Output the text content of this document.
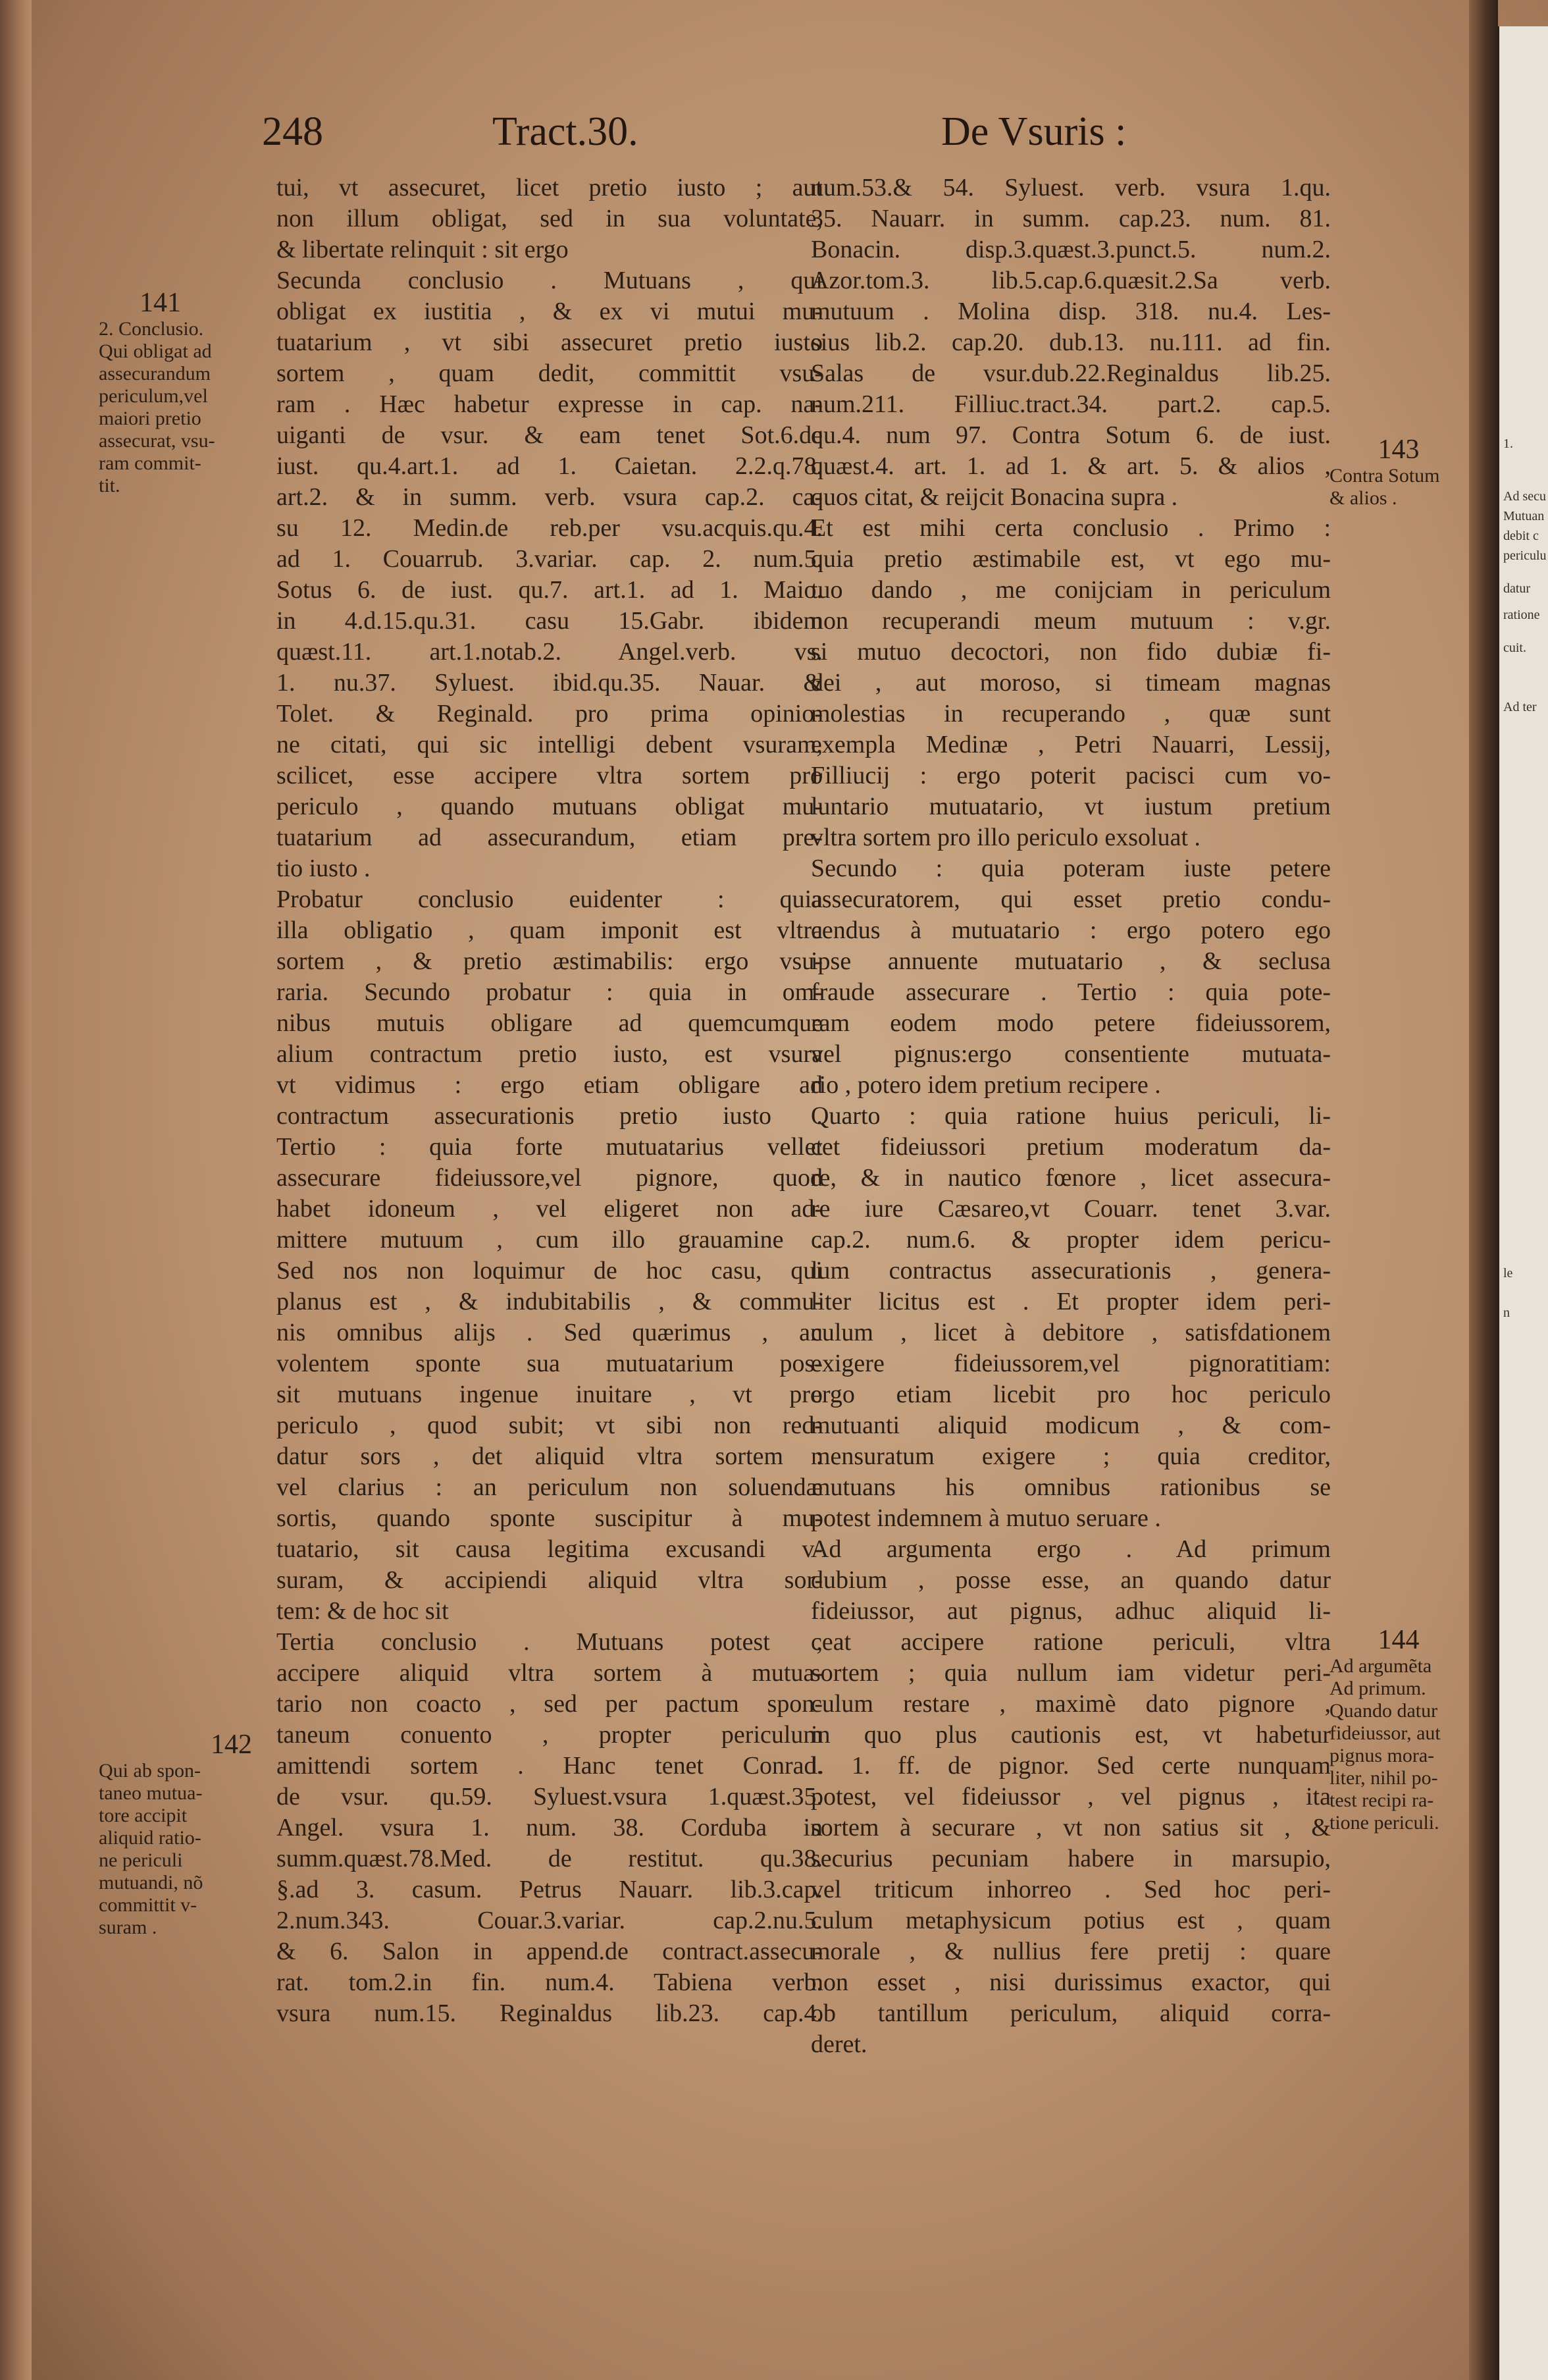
248	Tract.30.	De Vsuris :
tui, vt assecuret, licet pretio iusto ; aut
non illum obligat, sed in sua voluntate,
& libertate relinquit : sit ergo
Secunda conclusio . Mutuans , qui
obligat ex iustitia , & ex vi mutui mu-
tuatarium , vt sibi assecuret pretio iusto
sortem , quam dedit, committit vsu-
ram . Hæc habetur expresse in cap. na-
uiganti de vsur. & eam tenet Sot.6.de
iust. qu.4.art.1. ad 1. Caietan. 2.2.q.78.
art.2. & in summ. verb. vsura cap.2. ca-
su 12. Medin.de reb.per vsu.acquis.qu.4.
ad 1. Couarrub. 3.variar. cap. 2. num.5.
Sotus 6. de iust. qu.7. art.1. ad 1. Maio.
in 4.d.15.qu.31. casu 15.Gabr. ibidem
quæst.11. art.1.notab.2. Angel.verb. vs.
1. nu.37. Syluest. ibid.qu.35. Nauar. &
Tolet. & Reginald. pro prima opinio-
ne citati, qui sic intelligi debent vsuram,
scilicet, esse accipere vltra sortem pro
periculo , quando mutuans obligat mu-
tuatarium ad assecurandum, etiam pre-
tio iusto .
Probatur conclusio euidenter : quia
illa obligatio , quam imponit est vltra
sortem , & pretio æstimabilis: ergo vsu-
raria. Secundo probatur : quia in om-
nibus mutuis obligare ad quemcumque
alium contractum pretio iusto, est vsura
vt vidimus : ergo etiam obligare ad
contractum assecurationis pretio iusto .
Tertio : quia forte mutuatarius vellet
assecurare fideiussore,vel pignore, quod
habet idoneum , vel eligeret non ad-
mittere mutuum , cum illo grauamine .
Sed nos non loquimur de hoc casu, qui
planus est , & indubitabilis , & commu-
nis omnibus alijs . Sed quærimus , an
volentem sponte sua mutuatarium pos-
sit mutuans ingenue inuitare , vt pro
periculo , quod subit; vt sibi non red-
datur sors , det aliquid vltra sortem :
vel clarius : an periculum non soluendæ
sortis, quando sponte suscipitur à mu-
tuatario, sit causa legitima excusandi v-
suram, & accipiendi aliquid vltra sor-
tem: & de hoc sit
Tertia conclusio . Mutuans potest ,
accipere aliquid vltra sortem à mutua-
tario non coacto , sed per pactum spon-
taneum conuento , propter periculum
amittendi sortem . Hanc tenet Conrad.
de vsur. qu.59. Syluest.vsura 1.quæst.35.
Angel. vsura 1. num. 38. Corduba in
summ.quæst.78.Med. de restitut. qu.38.
§.ad 3. casum. Petrus Nauarr. lib.3.cap.
2.num.343. Couar.3.variar. cap.2.nu.5.
& 6. Salon in append.de contract.assecu-
rat. tom.2.in fin. num.4. Tabiena verb.
vsura num.15. Reginaldus lib.23. cap.4.
num.53.& 54. Syluest. verb. vsura 1.qu.
35. Nauarr. in summ. cap.23. num. 81.
Bonacin. disp.3.quæst.3.punct.5. num.2.
Azor.tom.3. lib.5.cap.6.quæsit.2.Sa verb.
mutuum . Molina disp. 318. nu.4. Les-
sius lib.2. cap.20. dub.13. nu.111. ad fin.
Salas de vsur.dub.22.Reginaldus lib.25.
num.211. Filliuc.tract.34. part.2. cap.5.
qu.4. num 97. Contra Sotum 6. de iust.
quæst.4. art. 1. ad 1. & art. 5. & alios ,
quos citat, & reijcit Bonacina supra .
Et est mihi certa conclusio . Primo :
quia pretio æstimabile est, vt ego mu-
tuo dando , me conijciam in periculum
non recuperandi meum mutuum : v.gr.
si mutuo decoctori, non fido dubiæ fi-
dei , aut moroso, si timeam magnas
molestias in recuperando , quæ sunt
exempla Medinæ , Petri Nauarri, Lessij,
Filliucij : ergo poterit pacisci cum vo-
luntario mutuatario, vt iustum pretium
vltra sortem pro illo periculo exsoluat .
Secundo : quia poteram iuste petere
assecuratorem, qui esset pretio condu-
cendus à mutuatario : ergo potero ego
ipse annuente mutuatario , & seclusa
fraude assecurare . Tertio : quia pote-
ram eodem modo petere fideiussorem,
vel pignus:ergo consentiente mutuata-
rio , potero idem pretium recipere .
Quarto : quia ratione huius periculi, li-
cet fideiussori pretium moderatum da-
re, & in nautico fœnore , licet assecura-
re iure Cæsareo,vt Couarr. tenet 3.var.
cap.2. num.6. & propter idem pericu-
lum contractus assecurationis , genera-
liter licitus est . Et propter idem peri-
culum , licet à debitore , satisfdationem
exigere fideiussorem,vel pignoratitiam:
ergo etiam licebit pro hoc periculo
mutuanti aliquid modicum , & com-
mensuratum exigere ; quia creditor,
mutuans his omnibus rationibus se
potest indemnem à mutuo seruare .
Ad argumenta ergo . Ad primum
dubium , posse esse, an quando datur
fideiussor, aut pignus, adhuc aliquid li-
ceat accipere ratione periculi, vltra
sortem ; quia nullum iam videtur peri-
culum restare , maximè dato pignore ,
in quo plus cautionis est, vt habetur
l. 1. ff. de pignor. Sed certe nunquam
potest, vel fideiussor , vel pignus , ita
sortem à securare , vt non satius sit , &
securius pecuniam habere in marsupio,
vel triticum inhorreo . Sed hoc peri-
culum metaphysicum potius est , quam
morale , & nullius fere pretij : quare
non esset , nisi durissimus exactor, qui
ob tantillum periculum, aliquid corra-
deret.
141
2. Conclusio.
Qui obligat ad
assecurandum
periculum,vel
maiori pretio
assecurat, vsu-
ram commit-
tit.
142
Qui ab spon-
taneo mutua-
tore accipit
aliquid ratio-
ne periculi
mutuandi, nõ
committit v-
suram .
143
Contra Sotum
& alios .
144
Ad argumẽta
Ad primum.
Quando datur
fideiussor, aut
pignus mora-
liter, nihil po-
test recipi ra-
tione periculi.
1.
Ad secu
Mutuan
debit c
periculu
datur
ratione
cuit.
Ad ter
le
n
